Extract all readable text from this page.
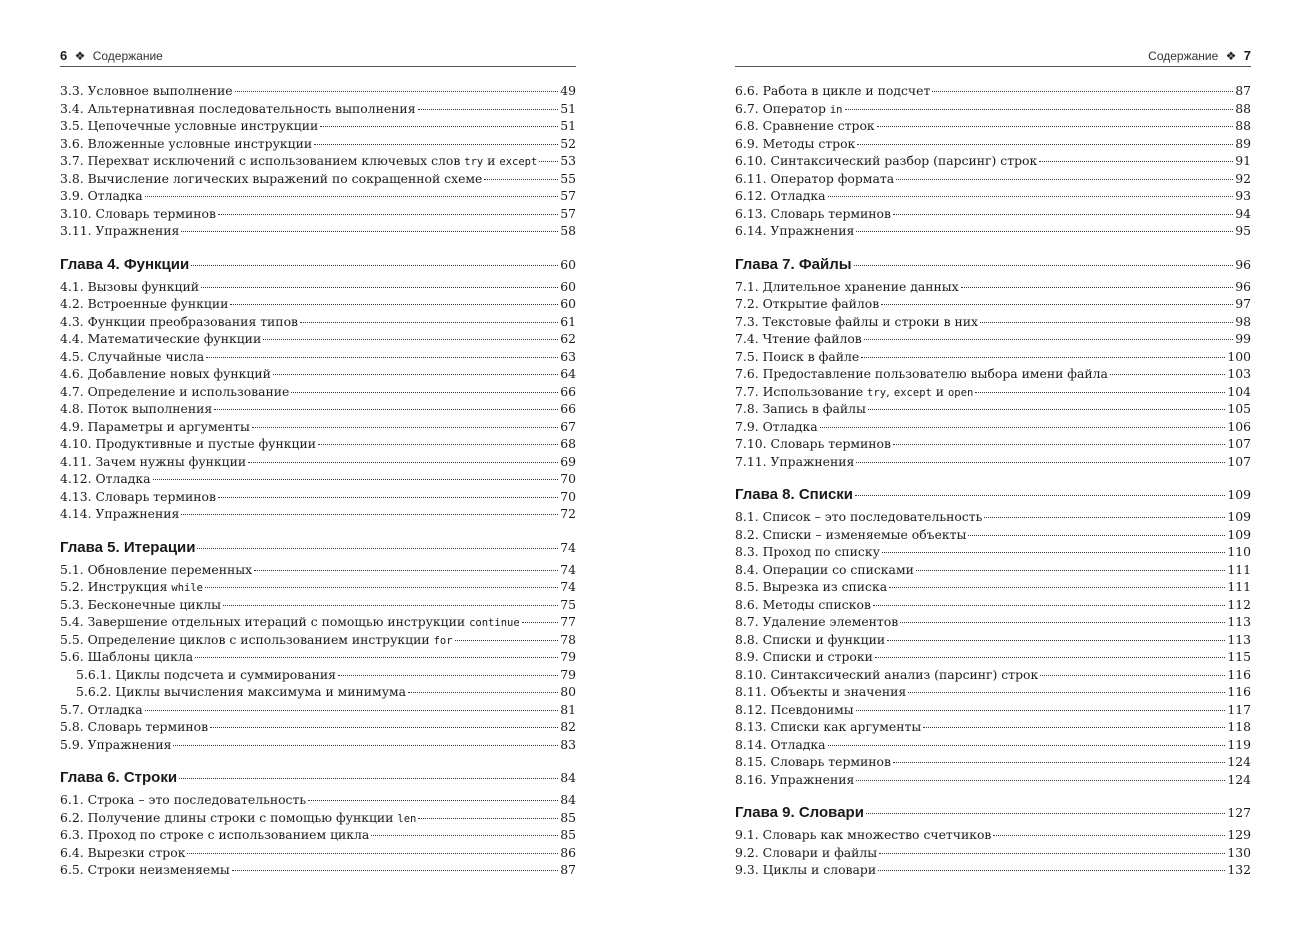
6 ❖ Содержание
3.3. Условное выполнение	49
3.4. Альтернативная последовательность выполнения	51
3.5. Цепочечные условные инструкции	51
3.6. Вложенные условные инструкции	52
3.7. Перехват исключений с использованием ключевых слов try и except 53
3.8. Вычисление логических выражений по сокращенной схеме	55
3.9. Отладка	57
3.10. Словарь терминов	57
3.11. Упражнения	58
Глава 4. Функции	60
4.1. Вызовы функций	60
4.2. Встроенные функции	60
4.3. Функции преобразования типов	61
4.4. Математические функции	62
4.5. Случайные числа	63
4.6. Добавление новых функций	64
4.7. Определение и использование	66
4.8. Поток выполнения	66
4.9. Параметры и аргументы	67
4.10. Продуктивные и пустые функции	68
4.11. Зачем нужны функции	69
4.12. Отладка	70
4.13. Словарь терминов	70
4.14. Упражнения	72
Глава 5. Итерации	74
5.1. Обновление переменных	74
5.2. Инструкция while	74
5.3. Бесконечные циклы	75
5.4. Завершение отдельных итераций с помощью инструкции continue	77
5.5. Определение циклов с использованием инструкции for	78
5.6. Шаблоны цикла	79
5.6.1. Циклы подсчета и суммирования	79
5.6.2. Циклы вычисления максимума и минимума	80
5.7. Отладка	81
5.8. Словарь терминов	82
5.9. Упражнения	83
Глава 6. Строки	84
6.1. Строка – это последовательность	84
6.2. Получение длины строки с помощью функции len	85
6.3. Проход по строке с использованием цикла	85
6.4. Вырезки строк	86
6.5. Строки неизменяемы	87
Содержание ❖ 7
6.6. Работа в цикле и подсчет	87
6.7. Оператор in	88
6.8. Сравнение строк	88
6.9. Методы строк	89
6.10. Синтаксический разбор (парсинг) строк	91
6.11. Оператор формата	92
6.12. Отладка	93
6.13. Словарь терминов	94
6.14. Упражнения	95
Глава 7. Файлы	96
7.1. Длительное хранение данных	96
7.2. Открытие файлов	97
7.3. Текстовые файлы и строки в них	98
7.4. Чтение файлов	99
7.5. Поиск в файле	100
7.6. Предоставление пользователю выбора имени файла	103
7.7. Использование try, except и open	104
7.8. Запись в файлы	105
7.9. Отладка	106
7.10. Словарь терминов	107
7.11. Упражнения	107
Глава 8. Списки	109
8.1. Список – это последовательность	109
8.2. Списки – изменяемые объекты	109
8.3. Проход по списку	110
8.4. Операции со списками	111
8.5. Вырезка из списка	111
8.6. Методы списков	112
8.7. Удаление элементов	113
8.8. Списки и функции	113
8.9. Списки и строки	115
8.10. Синтаксический анализ (парсинг) строк	116
8.11. Объекты и значения	116
8.12. Псевдонимы	117
8.13. Списки как аргументы	118
8.14. Отладка	119
8.15. Словарь терминов	124
8.16. Упражнения	124
Глава 9. Словари	127
9.1. Словарь как множество счетчиков	129
9.2. Словари и файлы	130
9.3. Циклы и словари	132
